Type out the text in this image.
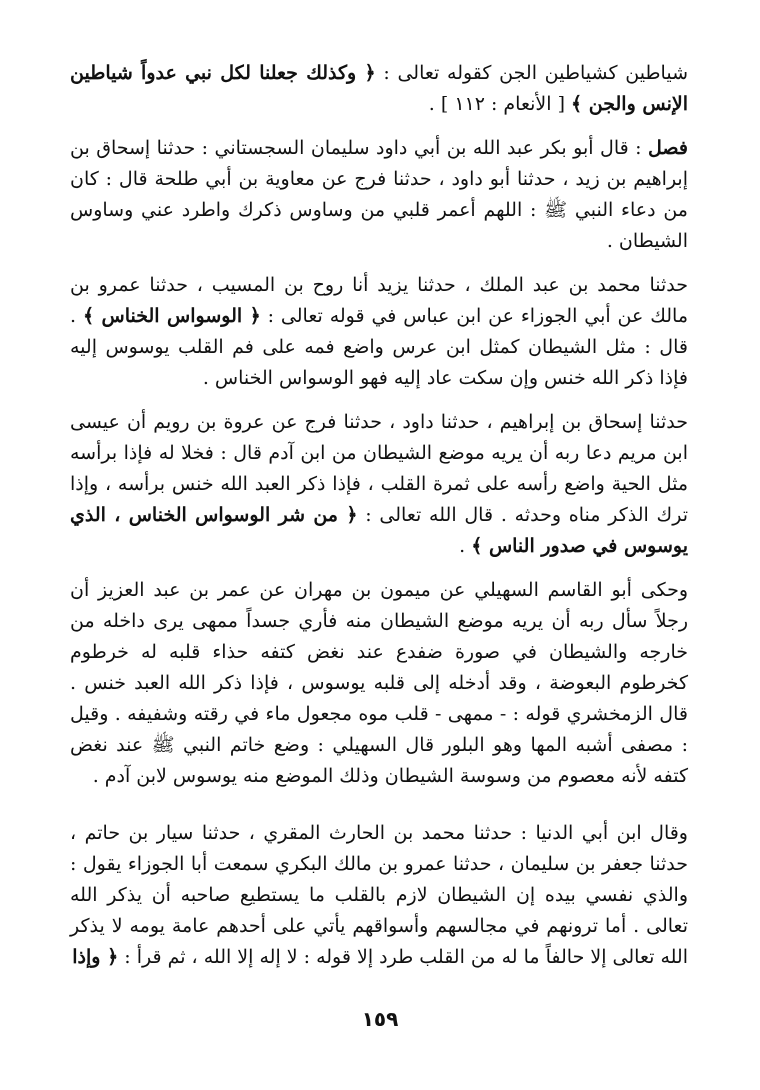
شياطين كشياطين الجن كقوله تعالى : ﴿ وكذلك جعلنا لكل نبي عدواً شياطين الإنس والجن ﴾ [ الأنعام : ١١٢ ] .

فصل : قال أبو بكر عبد الله بن أبي داود سليمان السجستاني : حدثنا إسحاق بن إبراهيم بن زيد ، حدثنا أبو داود ، حدثنا فرج عن معاوية بن أبي طلحة قال : كان من دعاء النبي ﷺ : اللهم أعمر قلبي من وساوس ذكرك واطرد عني وساوس الشيطان .

حدثنا محمد بن عبد الملك ، حدثنا يزيد أنا روح بن المسيب ، حدثنا عمرو بن مالك عن أبي الجوزاء عن ابن عباس في قوله تعالى : ﴿ الوسواس الخناس ﴾ . قال : مثل الشيطان كمثل ابن عرس واضع فمه على فم القلب يوسوس إليه فإذا ذكر الله خنس وإن سكت عاد إليه فهو الوسواس الخناس .

حدثنا إسحاق بن إبراهيم ، حدثنا داود ، حدثنا فرج عن عروة بن رويم أن عيسى ابن مريم دعا ربه أن يريه موضع الشيطان من ابن آدم قال : فخلا له فإذا برأسه مثل الحية واضع رأسه على ثمرة القلب ، فإذا ذكر العبد الله خنس برأسه ، وإذا ترك الذكر مناه وحدثه . قال الله تعالى : ﴿ من شر الوسواس الخناس ، الذي يوسوس في صدور الناس ﴾ .

وحكى أبو القاسم السهيلي عن ميمون بن مهران عن عمر بن عبد العزيز أن رجلاً سأل ربه أن يريه موضع الشيطان منه فأري جسداً ممهى يرى داخله من خارجه والشيطان في صورة ضفدع عند نغض كتفه حذاء قلبه له خرطوم كخرطوم البعوضة ، وقد أدخله إلى قلبه يوسوس ، فإذا ذكر الله العبد خنس . قال الزمخشري قوله : - ممهى - قلب موه مجعول ماء في رقته وشفيفه . وقيل : مصفى أشبه المها وهو البلور قال السهيلي : وضع خاتم النبي ﷺ عند نغض كتفه لأنه معصوم من وسوسة الشيطان وذلك الموضع منه يوسوس لابن آدم .

وقال ابن أبي الدنيا : حدثنا محمد بن الحارث المقري ، حدثنا سيار بن حاتم ، حدثنا جعفر بن سليمان ، حدثنا عمرو بن مالك البكري سمعت أبا الجوزاء يقول : والذي نفسي بيده إن الشيطان لازم بالقلب ما يستطيع صاحبه أن يذكر الله تعالى . أما ترونهم في مجالسهم وأسواقهم يأتي على أحدهم عامة يومه لا يذكر الله تعالى إلا حالفاً ما له من القلب طرد إلا قوله : لا إله إلا الله ، ثم قرأ : ﴿ وإذا

١٥٩
